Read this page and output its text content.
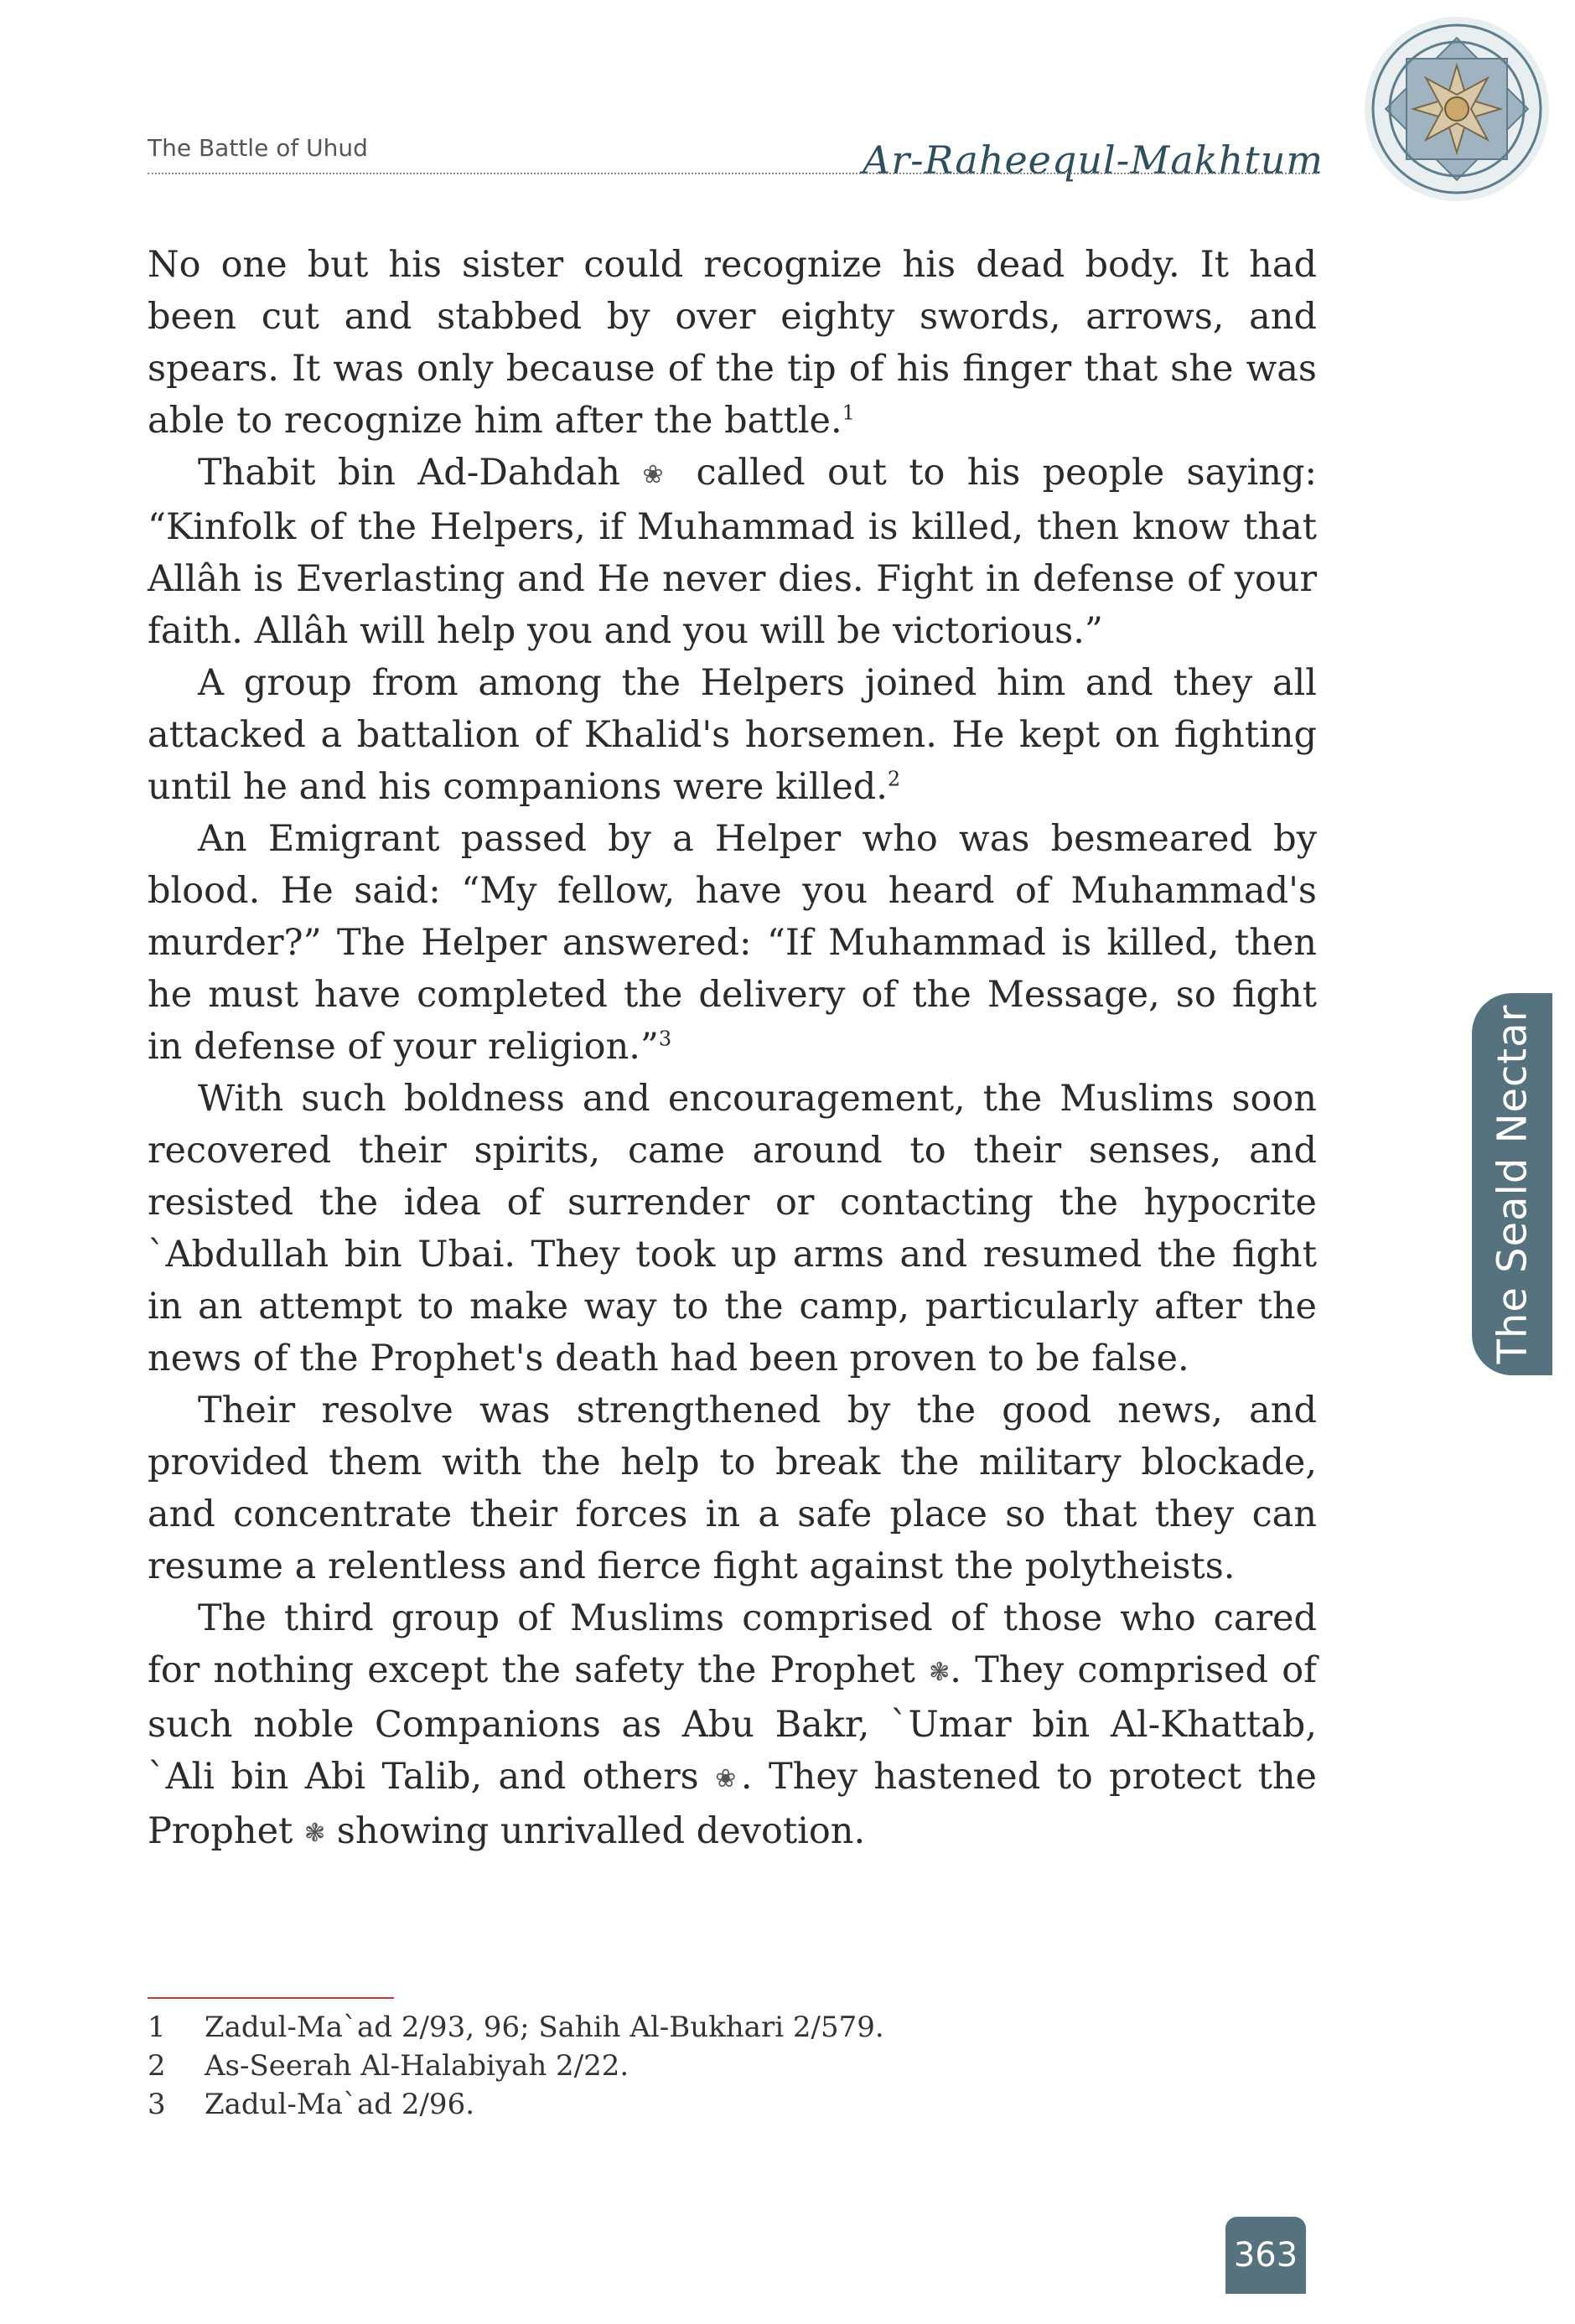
The Battle of Uhud	Ar-Raheequl-Makhtum

No one but his sister could recognize his dead body. It had been cut and stabbed by over eighty swords, arrows, and spears. It was only because of the tip of his finger that she was able to recognize him after the battle.$^1$

Thabit bin Ad-Dahdah ❀ called out to his people saying: “Kinfolk of the Helpers, if Muhammad is killed, then know that Allâh is Everlasting and He never dies. Fight in defense of your faith. Allâh will help you and you will be victorious.”

A group from among the Helpers joined him and they all attacked a battalion of Khalid's horsemen. He kept on fighting until he and his companions were killed.$^2$

An Emigrant passed by a Helper who was besmeared by blood. He said: “My fellow, have you heard of Muhammad's murder?” The Helper answered: “If Muhammad is killed, then he must have completed the delivery of the Message, so fight in defense of your religion.”$^3$

With such boldness and encouragement, the Muslims soon recovered their spirits, came around to their senses, and resisted the idea of surrender or contacting the hypocrite `Abdullah bin Ubai. They took up arms and resumed the fight in an attempt to make way to the camp, particularly after the news of the Prophet's death had been proven to be false.

Their resolve was strengthened by the good news, and provided them with the help to break the military blockade, and concentrate their forces in a safe place so that they can resume a relentless and fierce fight against the polytheists.

The third group of Muslims comprised of those who cared for nothing except the safety the Prophet ❃. They comprised of such noble Companions as Abu Bakr, `Umar bin Al-Khattab, `Ali bin Abi Talib, and others ❀. They hastened to protect the Prophet ❃ showing unrivalled devotion.

The Seald Nectar
1	Zadul-Ma`ad 2/93, 96; Sahih Al-Bukhari 2/579.
2	As-Seerah Al-Halabiyah 2/22.
3	Zadul-Ma`ad 2/96.
363
